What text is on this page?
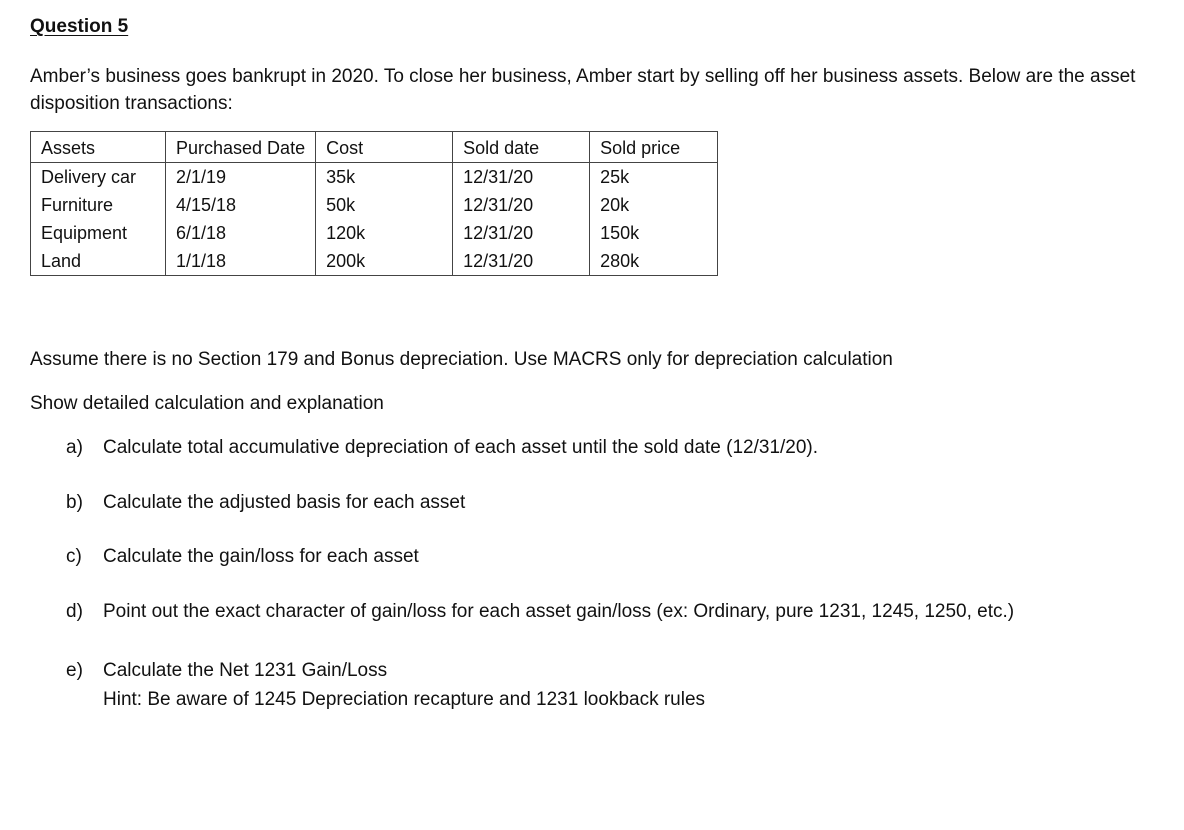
Question 5
Amber’s business goes bankrupt in 2020. To close her business, Amber start by selling off her business assets. Below are the asset disposition transactions:
Assets	Purchased Date	Cost	Sold date	Sold price
Delivery car	2/1/19	35k	12/31/20	25k
Furniture	4/15/18	50k	12/31/20	20k
Equipment	6/1/18	120k	12/31/20	150k
Land	1/1/18	200k	12/31/20	280k
Assume there is no Section 179 and Bonus depreciation. Use MACRS only for depreciation calculation
Show detailed calculation and explanation
a) Calculate total accumulative depreciation of each asset until the sold date (12/31/20).
b) Calculate the adjusted basis for each asset
c) Calculate the gain/loss for each asset
d) Point out the exact character of gain/loss for each asset gain/loss (ex: Ordinary, pure 1231, 1245, 1250, etc.)
e) Calculate the Net 1231 Gain/Loss
Hint: Be aware of 1245 Depreciation recapture and 1231 lookback rules
